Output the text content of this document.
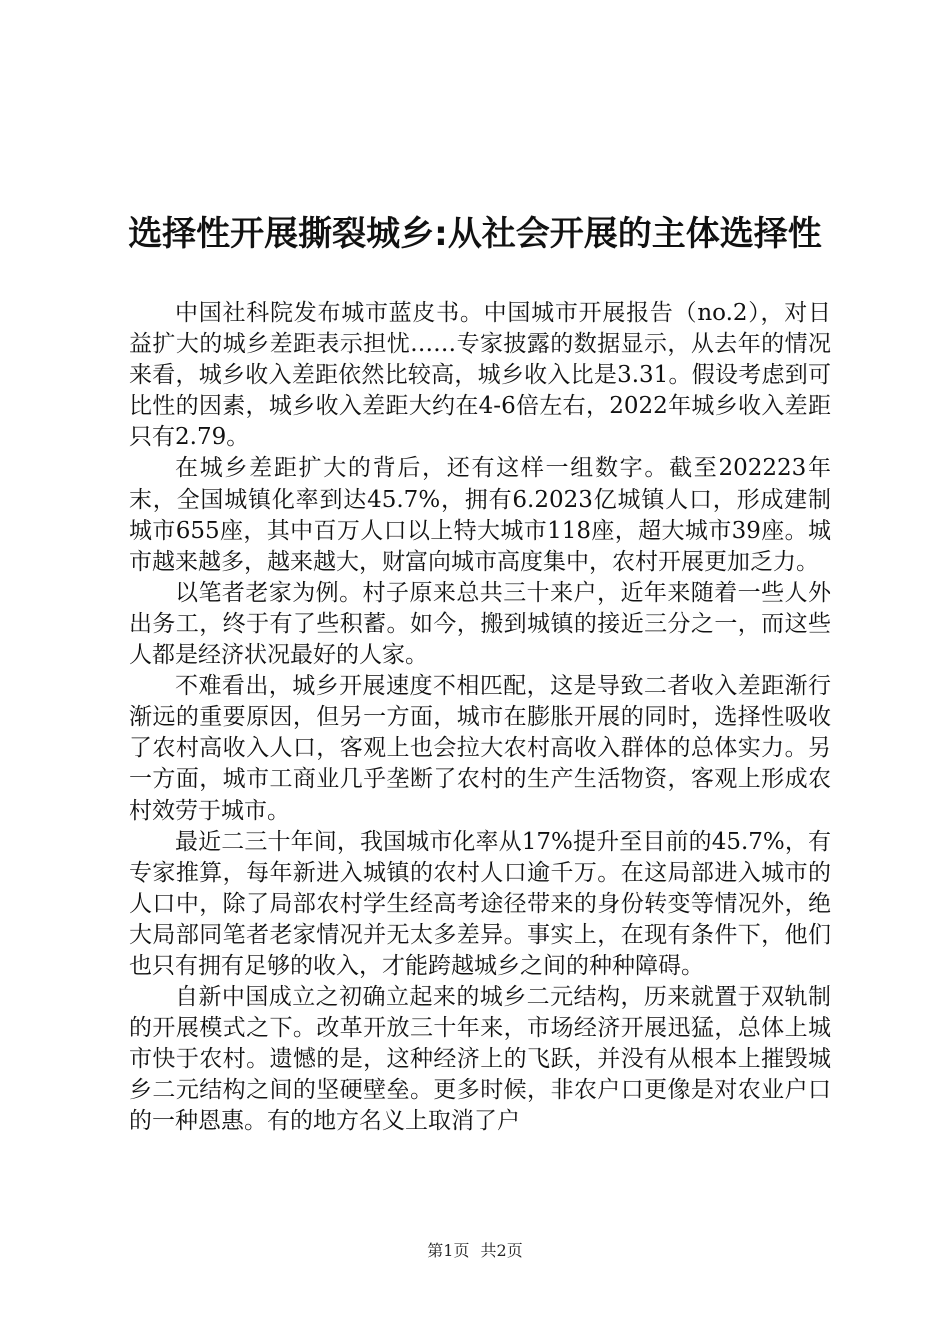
选择性开展撕裂城乡:从社会开展的主体选择性

中国社科院发布城市蓝皮书。中国城市开展报告（no.2），对日益扩大的城乡差距表示担忧……专家披露的数据显示，从去年的情况来看，城乡收入差距依然比较高，城乡收入比是3.31。假设考虑到可比性的因素，城乡收入差距大约在4-6倍左右，2022年城乡收入差距只有2.79。

在城乡差距扩大的背后，还有这样一组数字。截至202223年末，全国城镇化率到达45.7%，拥有6.2023亿城镇人口，形成建制城市655座，其中百万人口以上特大城市118座，超大城市39座。城市越来越多，越来越大，财富向城市高度集中，农村开展更加乏力。

以笔者老家为例。村子原来总共三十来户，近年来随着一些人外出务工，终于有了些积蓄。如今，搬到城镇的接近三分之一，而这些人都是经济状况最好的人家。

不难看出，城乡开展速度不相匹配，这是导致二者收入差距渐行渐远的重要原因，但另一方面，城市在膨胀开展的同时，选择性吸收了农村高收入人口，客观上也会拉大农村高收入群体的总体实力。另一方面，城市工商业几乎垄断了农村的生产生活物资，客观上形成农村效劳于城市。

最近二三十年间，我国城市化率从17%提升至目前的45.7%，有专家推算，每年新进入城镇的农村人口逾千万。在这局部进入城市的人口中，除了局部农村学生经高考途径带来的身份转变等情况外，绝大局部同笔者老家情况并无太多差异。事实上，在现有条件下，他们也只有拥有足够的收入，才能跨越城乡之间的种种障碍。

自新中国成立之初确立起来的城乡二元结构，历来就置于双轨制的开展模式之下。改革开放三十年来，市场经济开展迅猛，总体上城市快于农村。遗憾的是，这种经济上的飞跃，并没有从根本上摧毁城乡二元结构之间的坚硬壁垒。更多时候，非农户口更像是对农业户口的一种恩惠。有的地方名义上取消了户

第1页 共2页
